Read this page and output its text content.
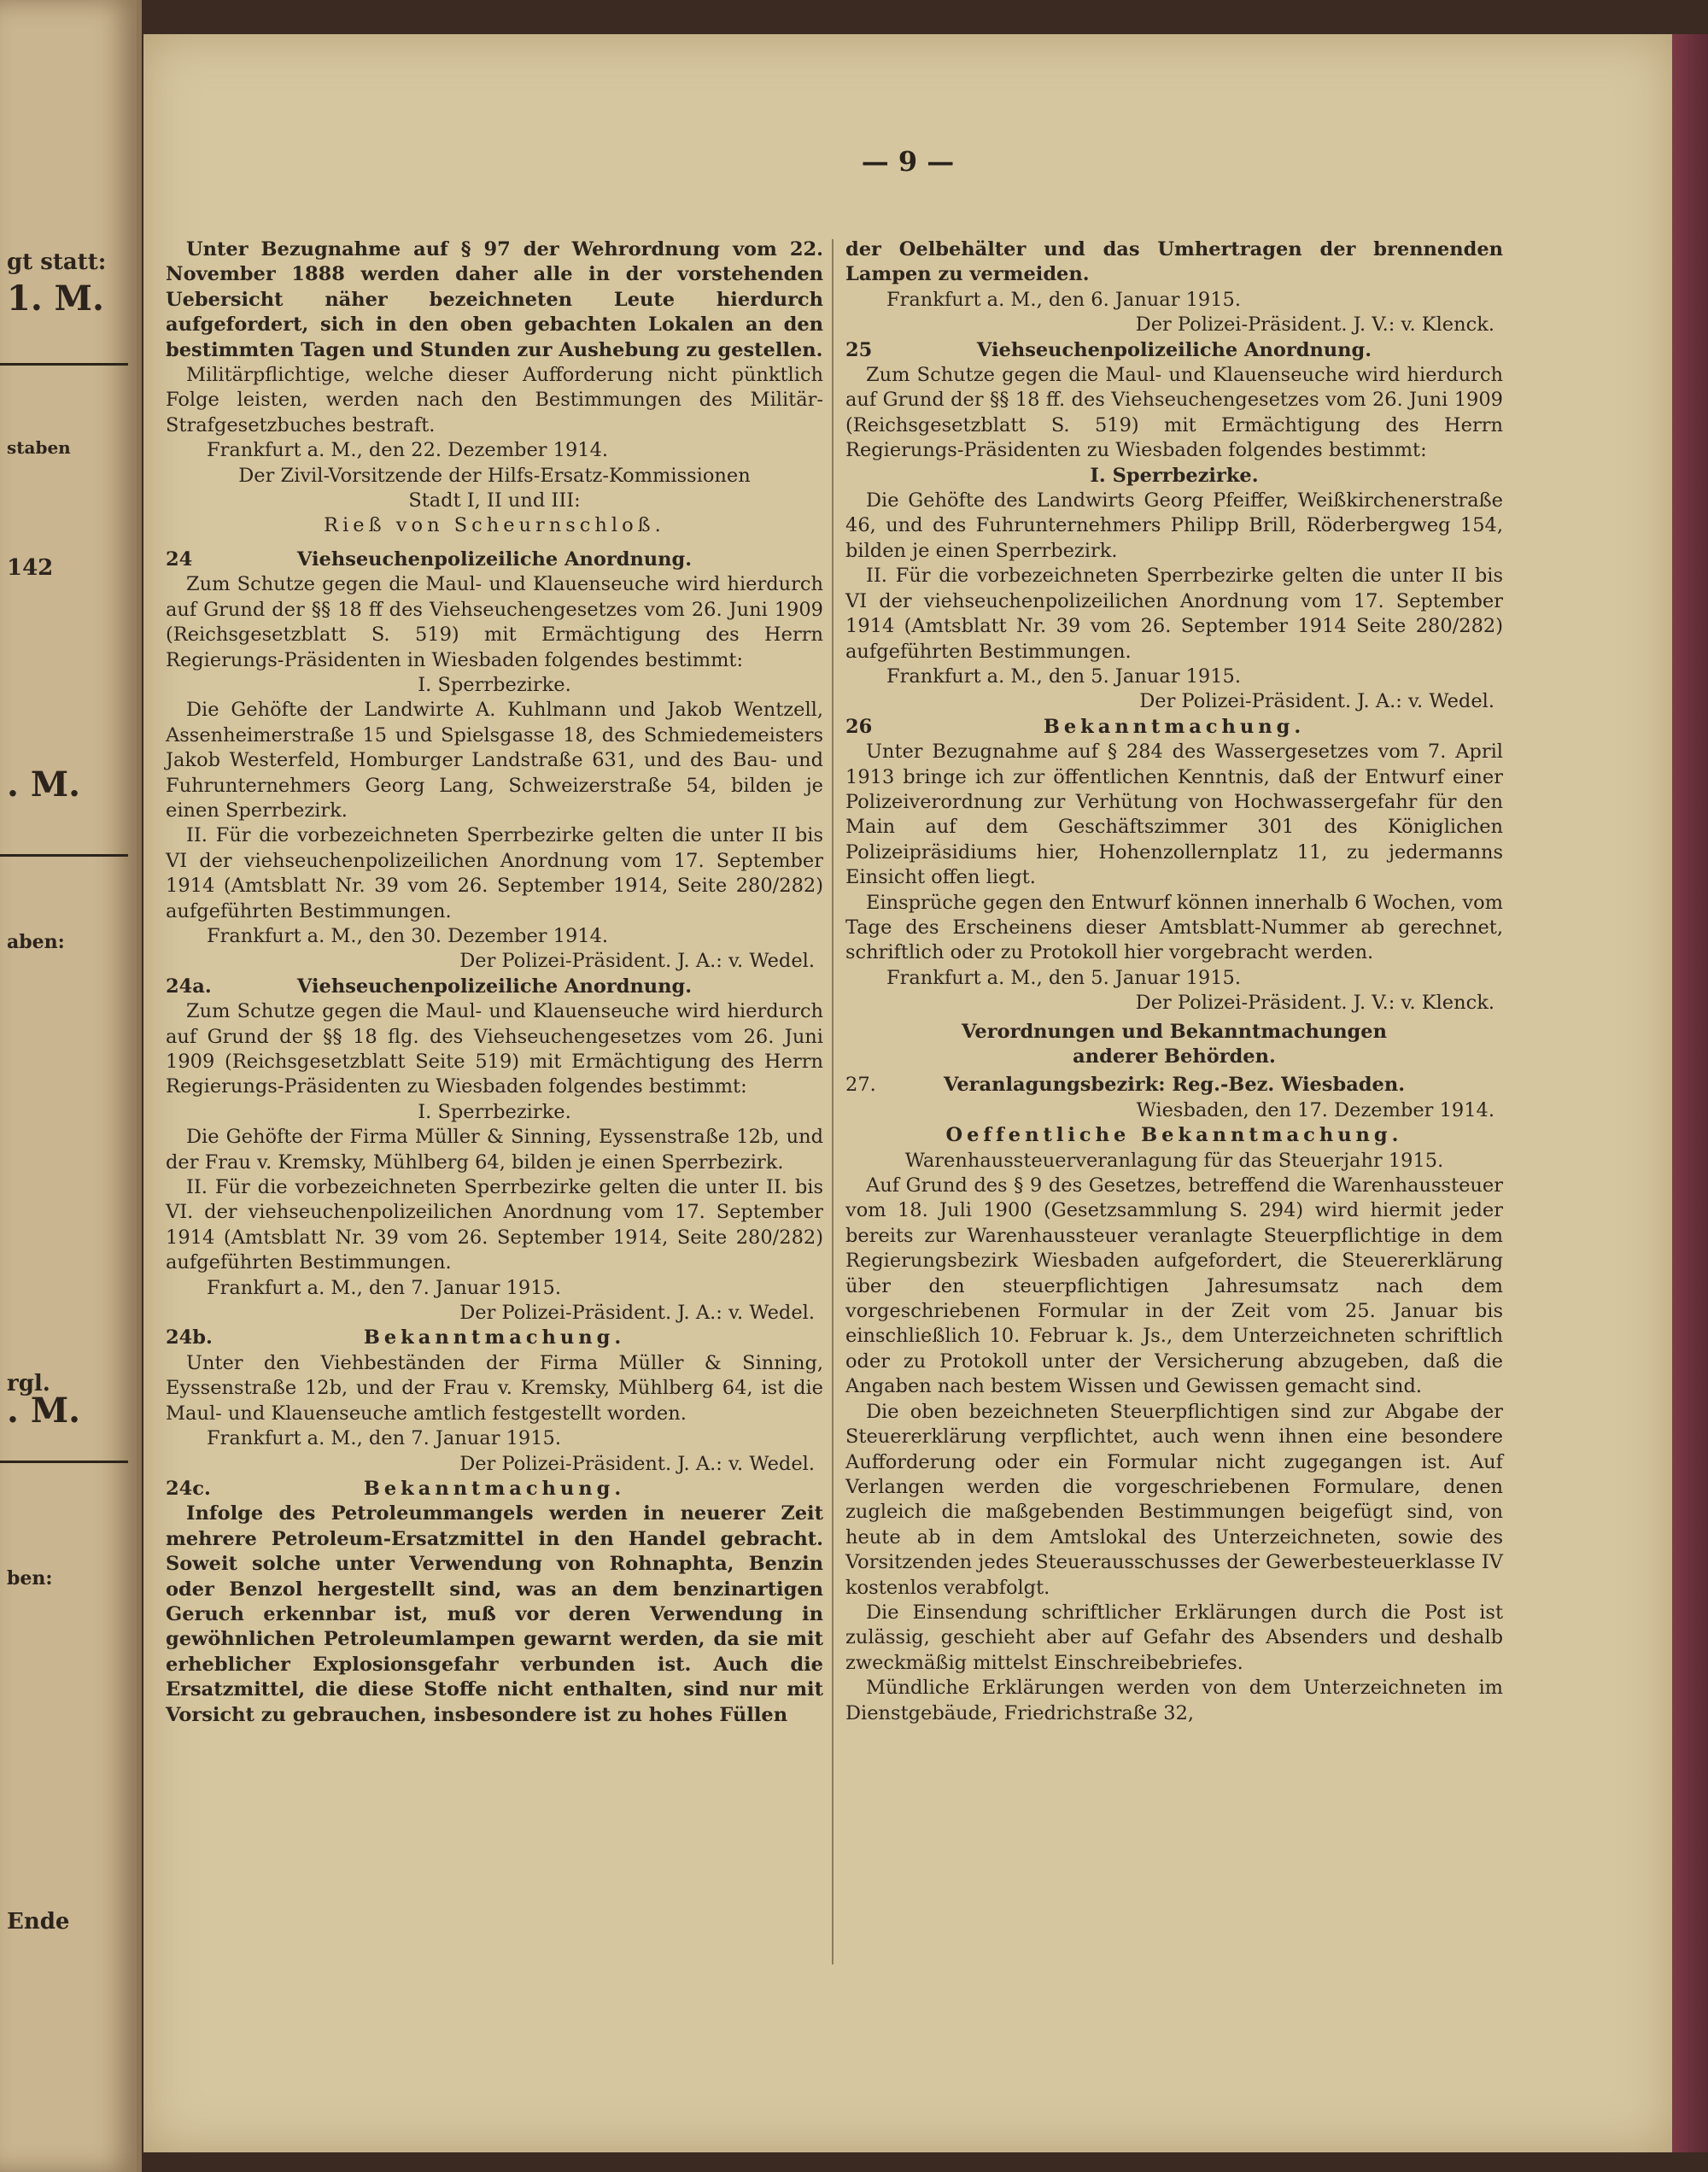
gt statt:
1. M.
staben
142
. M.
aben:
rgl.
. M.
ben:
Ende
— 9 —

Unter Bezugnahme auf § 97 der Wehrordnung vom 22. November 1888 werden daher alle in der vorstehenden Uebersicht näher bezeichneten Leute hierdurch aufgefordert, sich in den oben gebachten Lokalen an den bestimmten Tagen und Stunden zur Aushebung zu gestellen.

Militärpflichtige, welche dieser Aufforderung nicht pünktlich Folge leisten, werden nach den Bestimmungen des Militär-Strafgesetzbuches bestraft.

Frankfurt a. M., den 22. Dezember 1914.

Der Zivil-Vorsitzende der Hilfs-Ersatz-Kommissionen

Stadt I, II und III:

Rieß von Scheurnschloß.

24	Viehseuchenpolizeiliche Anordnung.

Zum Schutze gegen die Maul- und Klauenseuche wird hierdurch auf Grund der §§ 18 ff des Viehseuchengesetzes vom 26. Juni 1909 (Reichsgesetzblatt S. 519) mit Ermächtigung des Herrn Regierungs-Präsidenten in Wiesbaden folgendes bestimmt:

I. Sperrbezirke.

Die Gehöfte der Landwirte A. Kuhlmann und Jakob Wentzell, Assenheimerstraße 15 und Spielsgasse 18, des Schmiedemeisters Jakob Westerfeld, Homburger Landstraße 631, und des Bau- und Fuhrunternehmers Georg Lang, Schweizerstraße 54, bilden je einen Sperrbezirk.

II. Für die vorbezeichneten Sperrbezirke gelten die unter II bis VI der viehseuchenpolizeilichen Anordnung vom 17. September 1914 (Amtsblatt Nr. 39 vom 26. September 1914, Seite 280/282) aufgeführten Bestimmungen.

Frankfurt a. M., den 30. Dezember 1914.

Der Polizei-Präsident. J. A.: v. Wedel.

24a.	Viehseuchenpolizeiliche Anordnung.

Zum Schutze gegen die Maul- und Klauenseuche wird hierdurch auf Grund der §§ 18 flg. des Viehseuchengesetzes vom 26. Juni 1909 (Reichsgesetzblatt Seite 519) mit Ermächtigung des Herrn Regierungs-Präsidenten zu Wiesbaden folgendes bestimmt:

I. Sperrbezirke.

Die Gehöfte der Firma Müller & Sinning, Eyssenstraße 12b, und der Frau v. Kremsky, Mühlberg 64, bilden je einen Sperrbezirk.

II. Für die vorbezeichneten Sperrbezirke gelten die unter II. bis VI. der viehseuchenpolizeilichen Anordnung vom 17. September 1914 (Amtsblatt Nr. 39 vom 26. September 1914, Seite 280/282) aufgeführten Bestimmungen.

Frankfurt a. M., den 7. Januar 1915.

Der Polizei-Präsident. J. A.: v. Wedel.

24b.	Bekanntmachung.

Unter den Viehbeständen der Firma Müller & Sinning, Eyssenstraße 12b, und der Frau v. Kremsky, Mühlberg 64, ist die Maul- und Klauenseuche amtlich festgestellt worden.

Frankfurt a. M., den 7. Januar 1915.

Der Polizei-Präsident. J. A.: v. Wedel.

24c.	Bekanntmachung.

Infolge des Petroleummangels werden in neuerer Zeit mehrere Petroleum-Ersatzmittel in den Handel gebracht. Soweit solche unter Verwendung von Rohnaphta, Benzin oder Benzol hergestellt sind, was an dem benzinartigen Geruch erkennbar ist, muß vor deren Verwendung in gewöhnlichen Petroleumlampen gewarnt werden, da sie mit erheblicher Explosionsgefahr verbunden ist. Auch die Ersatzmittel, die diese Stoffe nicht enthalten, sind nur mit Vorsicht zu gebrauchen, insbesondere ist zu hohes Füllen

der Oelbehälter und das Umhertragen der brennenden Lampen zu vermeiden.

Frankfurt a. M., den 6. Januar 1915.

Der Polizei-Präsident. J. V.: v. Klenck.

25	Viehseuchenpolizeiliche Anordnung.

Zum Schutze gegen die Maul- und Klauenseuche wird hierdurch auf Grund der §§ 18 ff. des Viehseuchengesetzes vom 26. Juni 1909 (Reichsgesetzblatt S. 519) mit Ermächtigung des Herrn Regierungs-Präsidenten zu Wiesbaden folgendes bestimmt:

I. Sperrbezirke.

Die Gehöfte des Landwirts Georg Pfeiffer, Weißkirchenerstraße 46, und des Fuhrunternehmers Philipp Brill, Röderbergweg 154, bilden je einen Sperrbezirk.

II. Für die vorbezeichneten Sperrbezirke gelten die unter II bis VI der viehseuchenpolizeilichen Anordnung vom 17. September 1914 (Amtsblatt Nr. 39 vom 26. September 1914 Seite 280/282) aufgeführten Bestimmungen.

Frankfurt a. M., den 5. Januar 1915.

Der Polizei-Präsident. J. A.: v. Wedel.

26	Bekanntmachung.

Unter Bezugnahme auf § 284 des Wassergesetzes vom 7. April 1913 bringe ich zur öffentlichen Kenntnis, daß der Entwurf einer Polizeiverordnung zur Verhütung von Hochwassergefahr für den Main auf dem Geschäftszimmer 301 des Königlichen Polizeipräsidiums hier, Hohenzollernplatz 11, zu jedermanns Einsicht offen liegt.

Einsprüche gegen den Entwurf können innerhalb 6 Wochen, vom Tage des Erscheinens dieser Amtsblatt-Nummer ab gerechnet, schriftlich oder zu Protokoll hier vorgebracht werden.

Frankfurt a. M., den 5. Januar 1915.

Der Polizei-Präsident. J. V.: v. Klenck.

Verordnungen und Bekanntmachungen anderer Behörden.

27.	Veranlagungsbezirk: Reg.-Bez. Wiesbaden.

Wiesbaden, den 17. Dezember 1914.

Oeffentliche Bekanntmachung.

Warenhaussteuerveranlagung für das Steuerjahr 1915.

Auf Grund des § 9 des Gesetzes, betreffend die Warenhaussteuer vom 18. Juli 1900 (Gesetzsammlung S. 294) wird hiermit jeder bereits zur Warenhaussteuer veranlagte Steuerpflichtige in dem Regierungsbezirk Wiesbaden aufgefordert, die Steuererklärung über den steuerpflichtigen Jahresumsatz nach dem vorgeschriebenen Formular in der Zeit vom 25. Januar bis einschließlich 10. Februar k. Js., dem Unterzeichneten schriftlich oder zu Protokoll unter der Versicherung abzugeben, daß die Angaben nach bestem Wissen und Gewissen gemacht sind.

Die oben bezeichneten Steuerpflichtigen sind zur Abgabe der Steuererklärung verpflichtet, auch wenn ihnen eine besondere Aufforderung oder ein Formular nicht zugegangen ist. Auf Verlangen werden die vorgeschriebenen Formulare, denen zugleich die maßgebenden Bestimmungen beigefügt sind, von heute ab in dem Amtslokal des Unterzeichneten, sowie des Vorsitzenden jedes Steuerausschusses der Gewerbesteuerklasse IV kostenlos verabfolgt.

Die Einsendung schriftlicher Erklärungen durch die Post ist zulässig, geschieht aber auf Gefahr des Absenders und deshalb zweckmäßig mittelst Einschreibebriefes.

Mündliche Erklärungen werden von dem Unterzeichneten im Dienstgebäude, Friedrichstraße 32,
